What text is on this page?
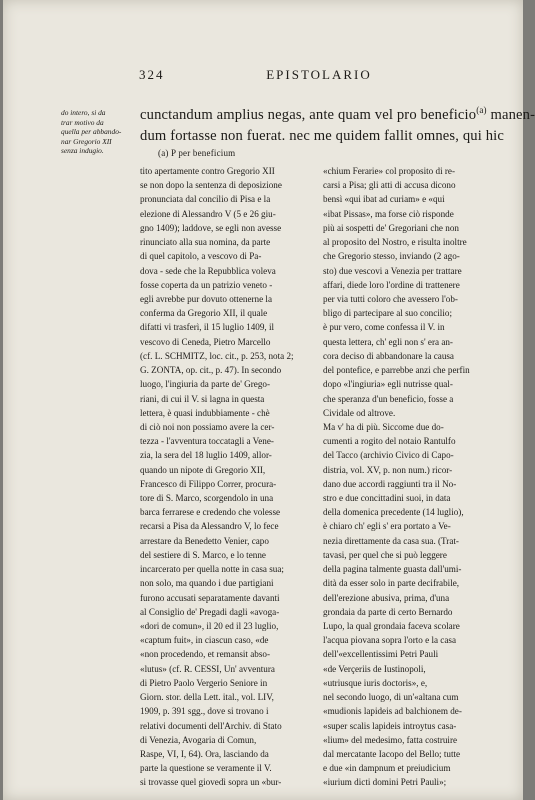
324	EPISTOLARIO
do intero, si da
trar motivo da
quella per abbando-
nar Gregorio XII
senza indugio.
cunctandum amplius negas, ante quam vel pro beneficio$^{(a)}$ manen-
dum fortasse non fuerat. nec me quidem fallit omnes, qui hic
(a) P per beneficium
tito apertamente contro Gregorio XII
se non dopo la sentenza di deposizione
pronunciata dal concilio di Pisa e la
elezione di Alessandro V (5 e 26 giu-
gno 1409); laddove, se egli non avesse
rinunciato alla sua nomina, da parte
di quel capitolo, a vescovo di Pa-
dova - sede che la Repubblica voleva
fosse coperta da un patrizio veneto -
egli avrebbe pur dovuto ottenerne la
conferma da Gregorio XII, il quale
difatti vi trasferì, il 15 luglio 1409, il
vescovo di Ceneda, Pietro Marcello
(cf. L. SCHMITZ, loc. cit., p. 253, nota 2;
G. ZONTA, op. cit., p. 47). In secondo
luogo, l'ingiuria da parte de' Grego-
riani, di cui il V. si lagna in questa
lettera, è quasi indubbiamente - chè
di ciò noi non possiamo avere la cer-
tezza - l'avventura toccatagli a Vene-
zia, la sera del 18 luglio 1409, allor-
quando un nipote di Gregorio XII,
Francesco di Filippo Correr, procura-
tore di S. Marco, scorgendolo in una
barca ferrarese e credendo che volesse
recarsi a Pisa da Alessandro V, lo fece
arrestare da Benedetto Venier, capo
del sestiere di S. Marco, e lo tenne
incarcerato per quella notte in casa sua;
non solo, ma quando i due partigiani
furono accusati separatamente davanti
al Consiglio de' Pregadi dagli «avoga-
«dori de comun», il 20 ed il 23 luglio,
«captum fuit», in ciascun caso, «de
«non procedendo, et remansit abso-
«lutus» (cf. R. CESSI, Un' avventura
di Pietro Paolo Vergerio Seniore in
Giorn. stor. della Lett. ital., vol. LIV,
1909, p. 391 sgg., dove si trovano i
relativi documenti dell'Archiv. di Stato
di Venezia, Avogaria di Comun,
Raspe, VI, I, 64). Ora, lasciando da
parte la questione se veramente il V.
si trovasse quel giovedì sopra un «bur-
«chium Ferarie» col proposito di re-
carsi a Pisa; gli atti di accusa dicono
bensì «qui ibat ad curiam» e «qui
«ibat Pissas», ma forse ciò risponde
più ai sospetti de' Gregoriani che non
al proposito del Nostro, e risulta inoltre
che Gregorio stesso, inviando (2 ago-
sto) due vescovi a Venezia per trattare
affari, diede loro l'ordine di trattenere
per via tutti coloro che avessero l'ob-
bligo di partecipare al suo concilio;
è pur vero, come confessa il V. in
questa lettera, ch' egli non s' era an-
cora deciso di abbandonare la causa
del pontefice, e parrebbe anzi che perfin
dopo «l'ingiuria» egli nutrisse qual-
che speranza d'un beneficio, fosse a
Cividale od altrove.
Ma v' ha di più. Siccome due do-
cumenti a rogito del notaio Rantulfo
del Tacco (archivio Civico di Capo-
distria, vol. XV, p. non num.) ricor-
dano due accordi raggiunti tra il No-
stro e due concittadini suoi, in data
della domenica precedente (14 luglio),
è chiaro ch' egli s' era portato a Ve-
nezia direttamente da casa sua. (Trat-
tavasi, per quel che si può leggere
della pagina talmente guasta dall'umi-
dità da esser solo in parte decifrabile,
dell'erezione abusiva, prima, d'una
grondaia da parte di certo Bernardo
Lupo, la qual grondaia faceva scolare
l'acqua piovana sopra l'orto e la casa
dell'«excellentissimi Petri Pauli
«de Verçeriis de Iustinopoli,
«utriusque iuris doctoris», e,
nel secondo luogo, di un'«altana cum
«mudionis lapideis ad balchionem de-
«super scalis lapideis introytus casa-
«lium» del medesimo, fatta costruire
dal mercatante Iacopo del Bello; tutte
e due «in dampnum et preiudicium
«iurium dicti domini Petri Pauli»;
